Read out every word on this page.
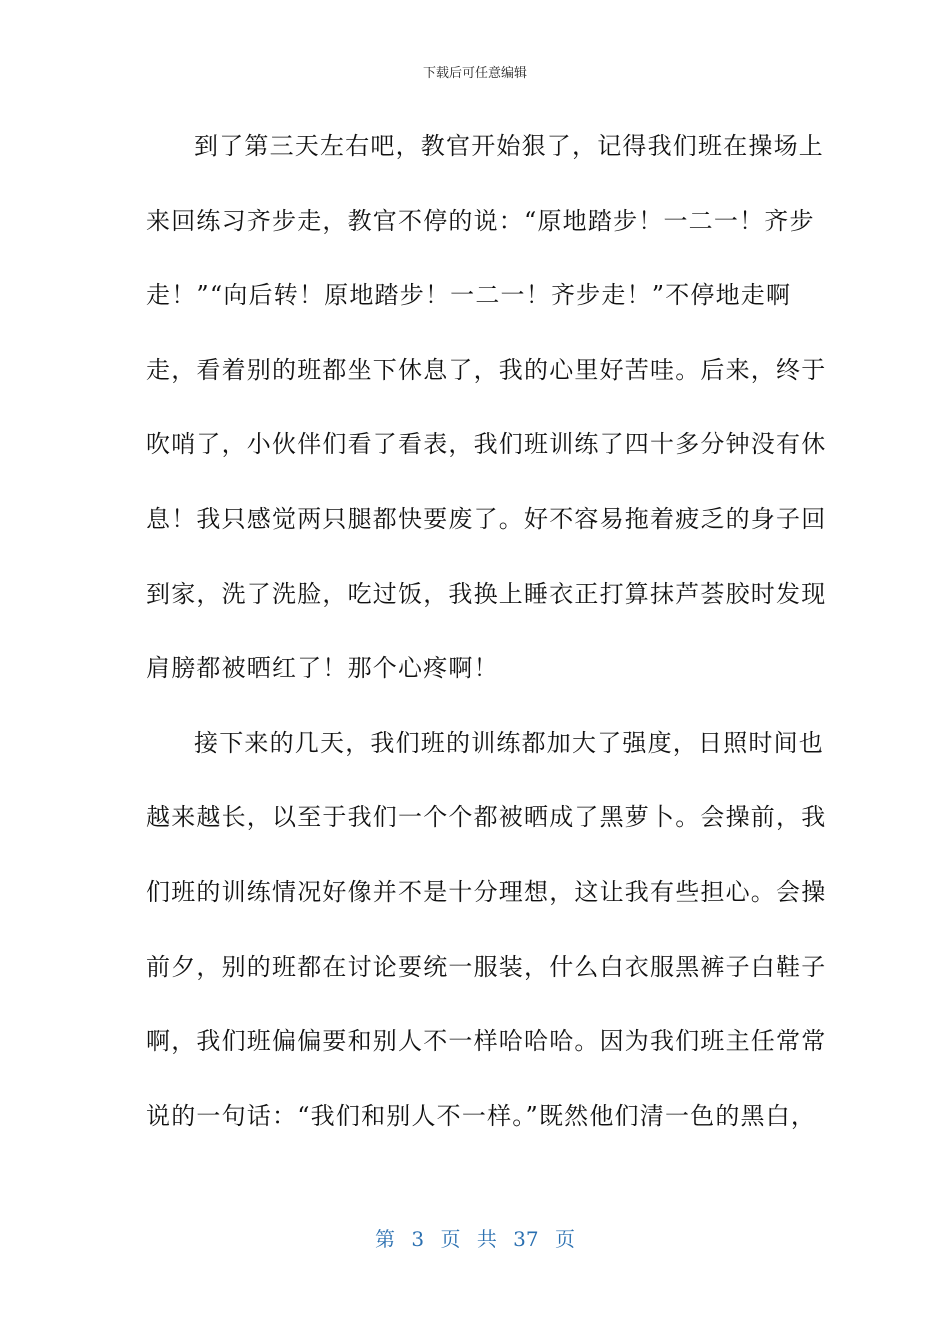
下载后可任意编辑
到了第三天左右吧，教官开始狠了，记得我们班在操场上
来回练习齐步走，教官不停的说：“原地踏步！一二一！齐步
走！”“向后转！原地踏步！一二一！齐步走！”不停地走啊
走，看着别的班都坐下休息了，我的心里好苦哇。后来，终于
吹哨了，小伙伴们看了看表，我们班训练了四十多分钟没有休
息！我只感觉两只腿都快要废了。好不容易拖着疲乏的身子回
到家，洗了洗脸，吃过饭，我换上睡衣正打算抹芦荟胶时发现
肩膀都被晒红了！那个心疼啊！
接下来的几天，我们班的训练都加大了强度，日照时间也
越来越长，以至于我们一个个都被晒成了黑萝卜。会操前，我
们班的训练情况好像并不是十分理想，这让我有些担心。会操
前夕，别的班都在讨论要统一服装，什么白衣服黑裤子白鞋子
啊，我们班偏偏要和别人不一样哈哈哈。因为我们班主任常常
说的一句话：“我们和别人不一样。”既然他们清一色的黑白，
第 3 页 共 37 页
